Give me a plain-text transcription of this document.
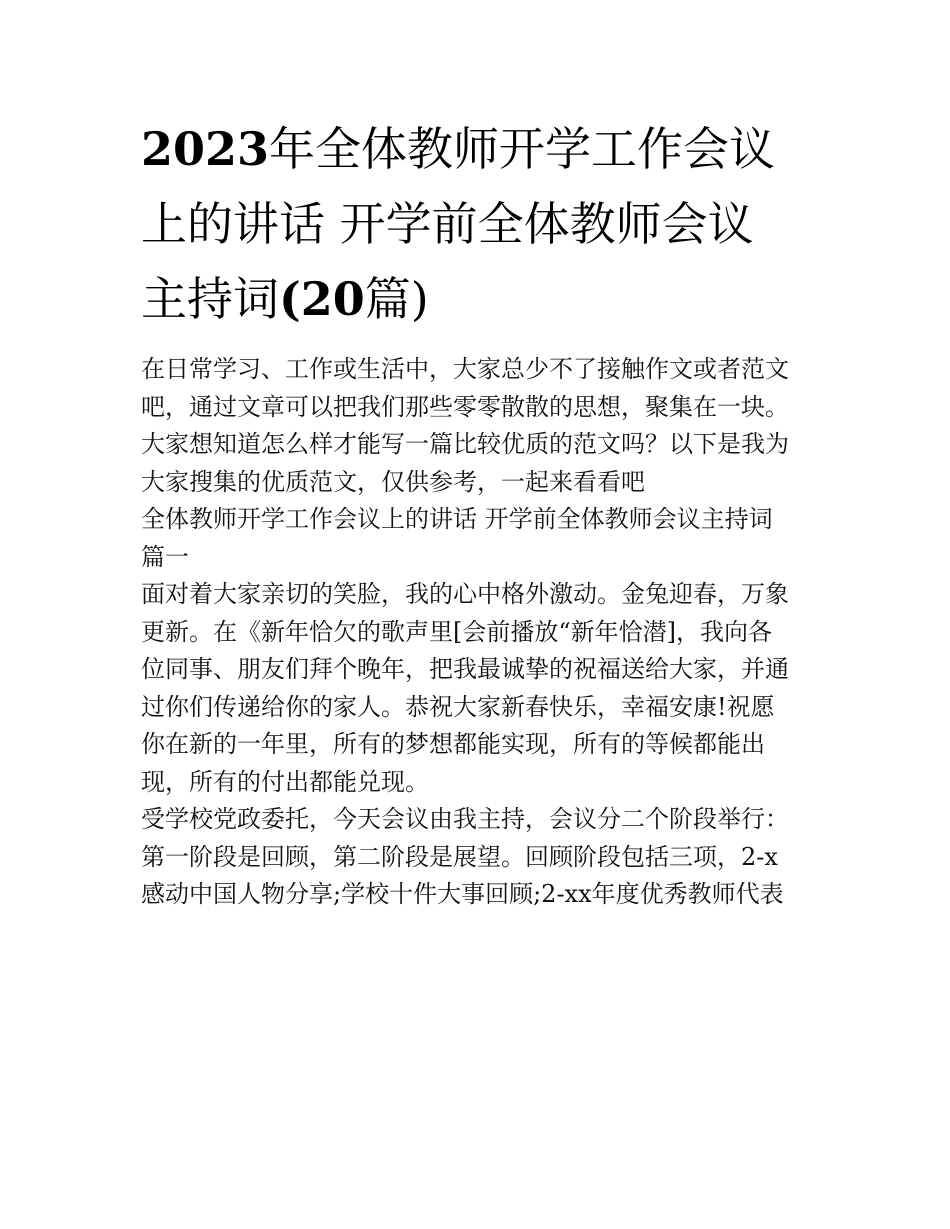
2023年全体教师开学工作会议
上的讲话 开学前全体教师会议
主持词(20篇)
在日常学习、工作或生活中，大家总少不了接触作文或者范文
吧，通过文章可以把我们那些零零散散的思想，聚集在一块。
大家想知道怎么样才能写一篇比较优质的范文吗？以下是我为
大家搜集的优质范文，仅供参考，一起来看看吧
全体教师开学工作会议上的讲话 开学前全体教师会议主持词
篇一
面对着大家亲切的笑脸，我的心中格外激动。金兔迎春，万象
更新。在《新年恰欠的歌声里[会前播放“新年恰潜]，我向各
位同事、朋友们拜个晚年，把我最诚挚的祝福送给大家，并通
过你们传递给你的家人。恭祝大家新春快乐，幸福安康!祝愿
你在新的一年里，所有的梦想都能实现，所有的等候都能出
现，所有的付出都能兑现。
受学校党政委托，今天会议由我主持，会议分二个阶段举行：
第一阶段是回顾，第二阶段是展望。回顾阶段包括三项，2-x
感动中国人物分享;学校十件大事回顾;2-xx年度优秀教师代表
